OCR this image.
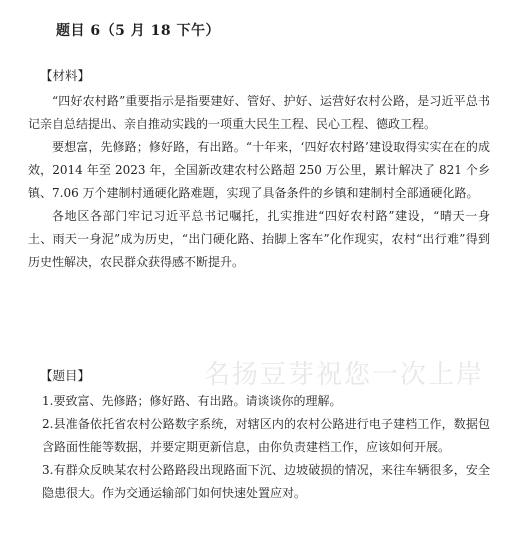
题目 6（5 月 18 下午）
【材料】
“四好农村路”重要指示是指要建好、管好、护好、运营好农村公路，是习近平总书记亲自总结提出、亲自推动实践的一项重大民生工程、民心工程、德政工程。
要想富，先修路；修好路，有出路。“十年来，‘四好农村路’建设取得实实在在的成效，2014 年至 2023 年，全国新改建农村公路超 250 万公里，累计解决了 821 个乡镇、7.06 万个建制村通硬化路难题，实现了具备条件的乡镇和建制村全部通硬化路。
各地区各部门牢记习近平总书记嘱托，扎实推进“四好农村路”建设，“晴天一身土、雨天一身泥”成为历史，“出门硬化路、抬脚上客车”化作现实，农村“出行难”得到历史性解决，农民群众获得感不断提升。
名扬豆芽祝您一次上岸
【题目】
1.要致富、先修路；修好路、有出路。请谈谈你的理解。
2.县准备依托省农村公路数字系统，对辖区内的农村公路进行电子建档工作，数据包含路面性能等数据，并要定期更新信息，由你负责建档工作，应该如何开展。
3.有群众反映某农村公路路段出现路面下沉、边坡破损的情况，来往车辆很多，安全隐患很大。作为交通运输部门如何快速处置应对。
